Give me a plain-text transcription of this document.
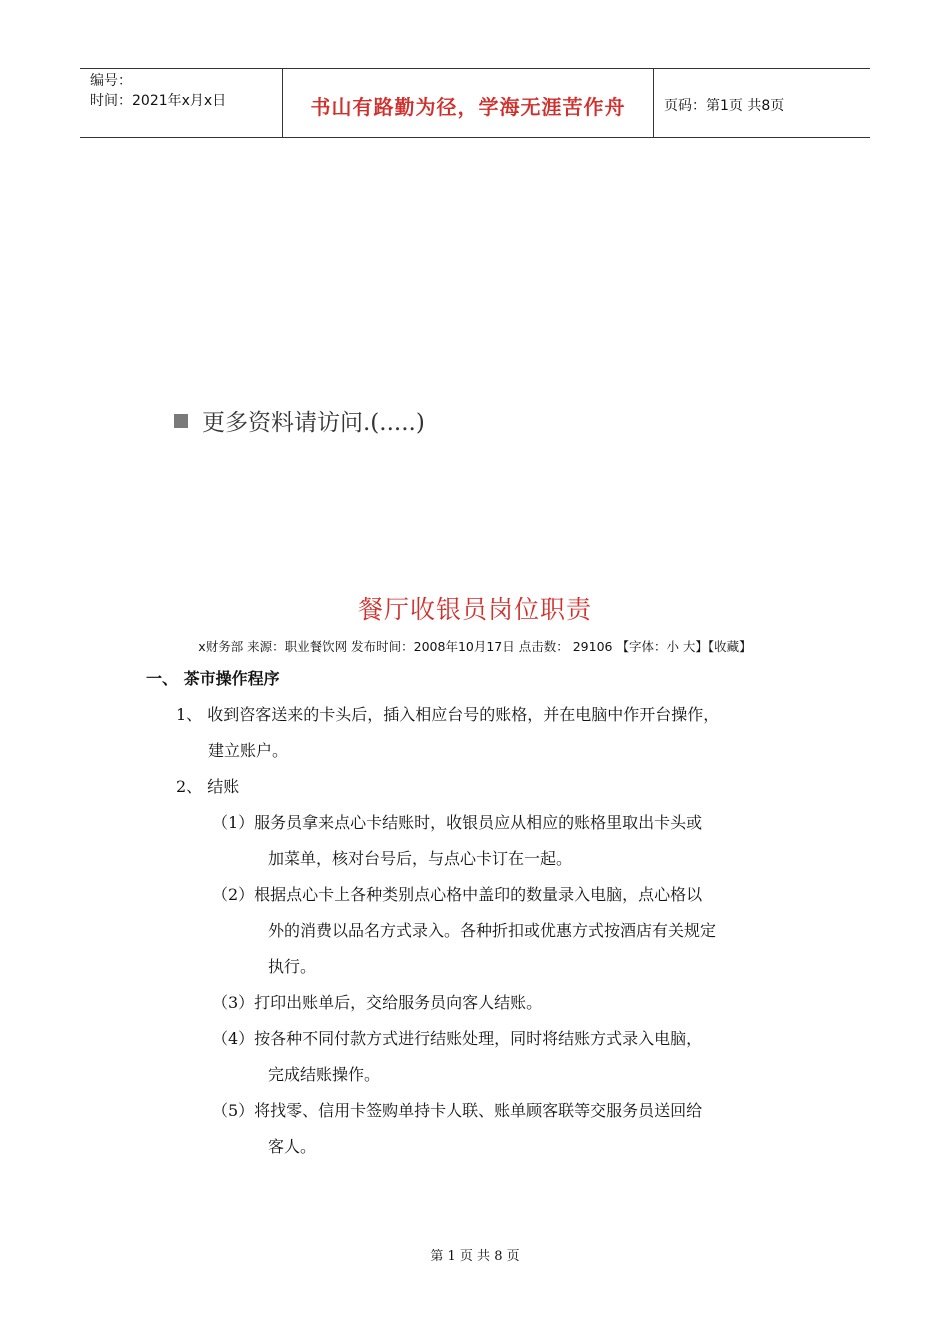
编号：
时间：2021年x月x日	书山有路勤为径，学海无涯苦作舟	页码：第1页 共8页
更多资料请访问.(.....)
餐厅收银员岗位职责
x财务部 来源：职业餐饮网 发布时间：2008年10月17日 点击数： 29106 【字体：小 大】【收藏】
一、 茶市操作程序
1、 收到咨客送来的卡头后，插入相应台号的账格，并在电脑中作开台操作，
建立账户。
2、 结账
（1）服务员拿来点心卡结账时，收银员应从相应的账格里取出卡头或
加菜单，核对台号后，与点心卡订在一起。
（2）根据点心卡上各种类别点心格中盖印的数量录入电脑，点心格以
外的消费以品名方式录入。各种折扣或优惠方式按酒店有关规定
执行。
（3）打印出账单后，交给服务员向客人结账。
（4）按各种不同付款方式进行结账处理，同时将结账方式录入电脑，
完成结账操作。
（5）将找零、信用卡签购单持卡人联、账单顾客联等交服务员送回给
客人。
第 1 页 共 8 页
